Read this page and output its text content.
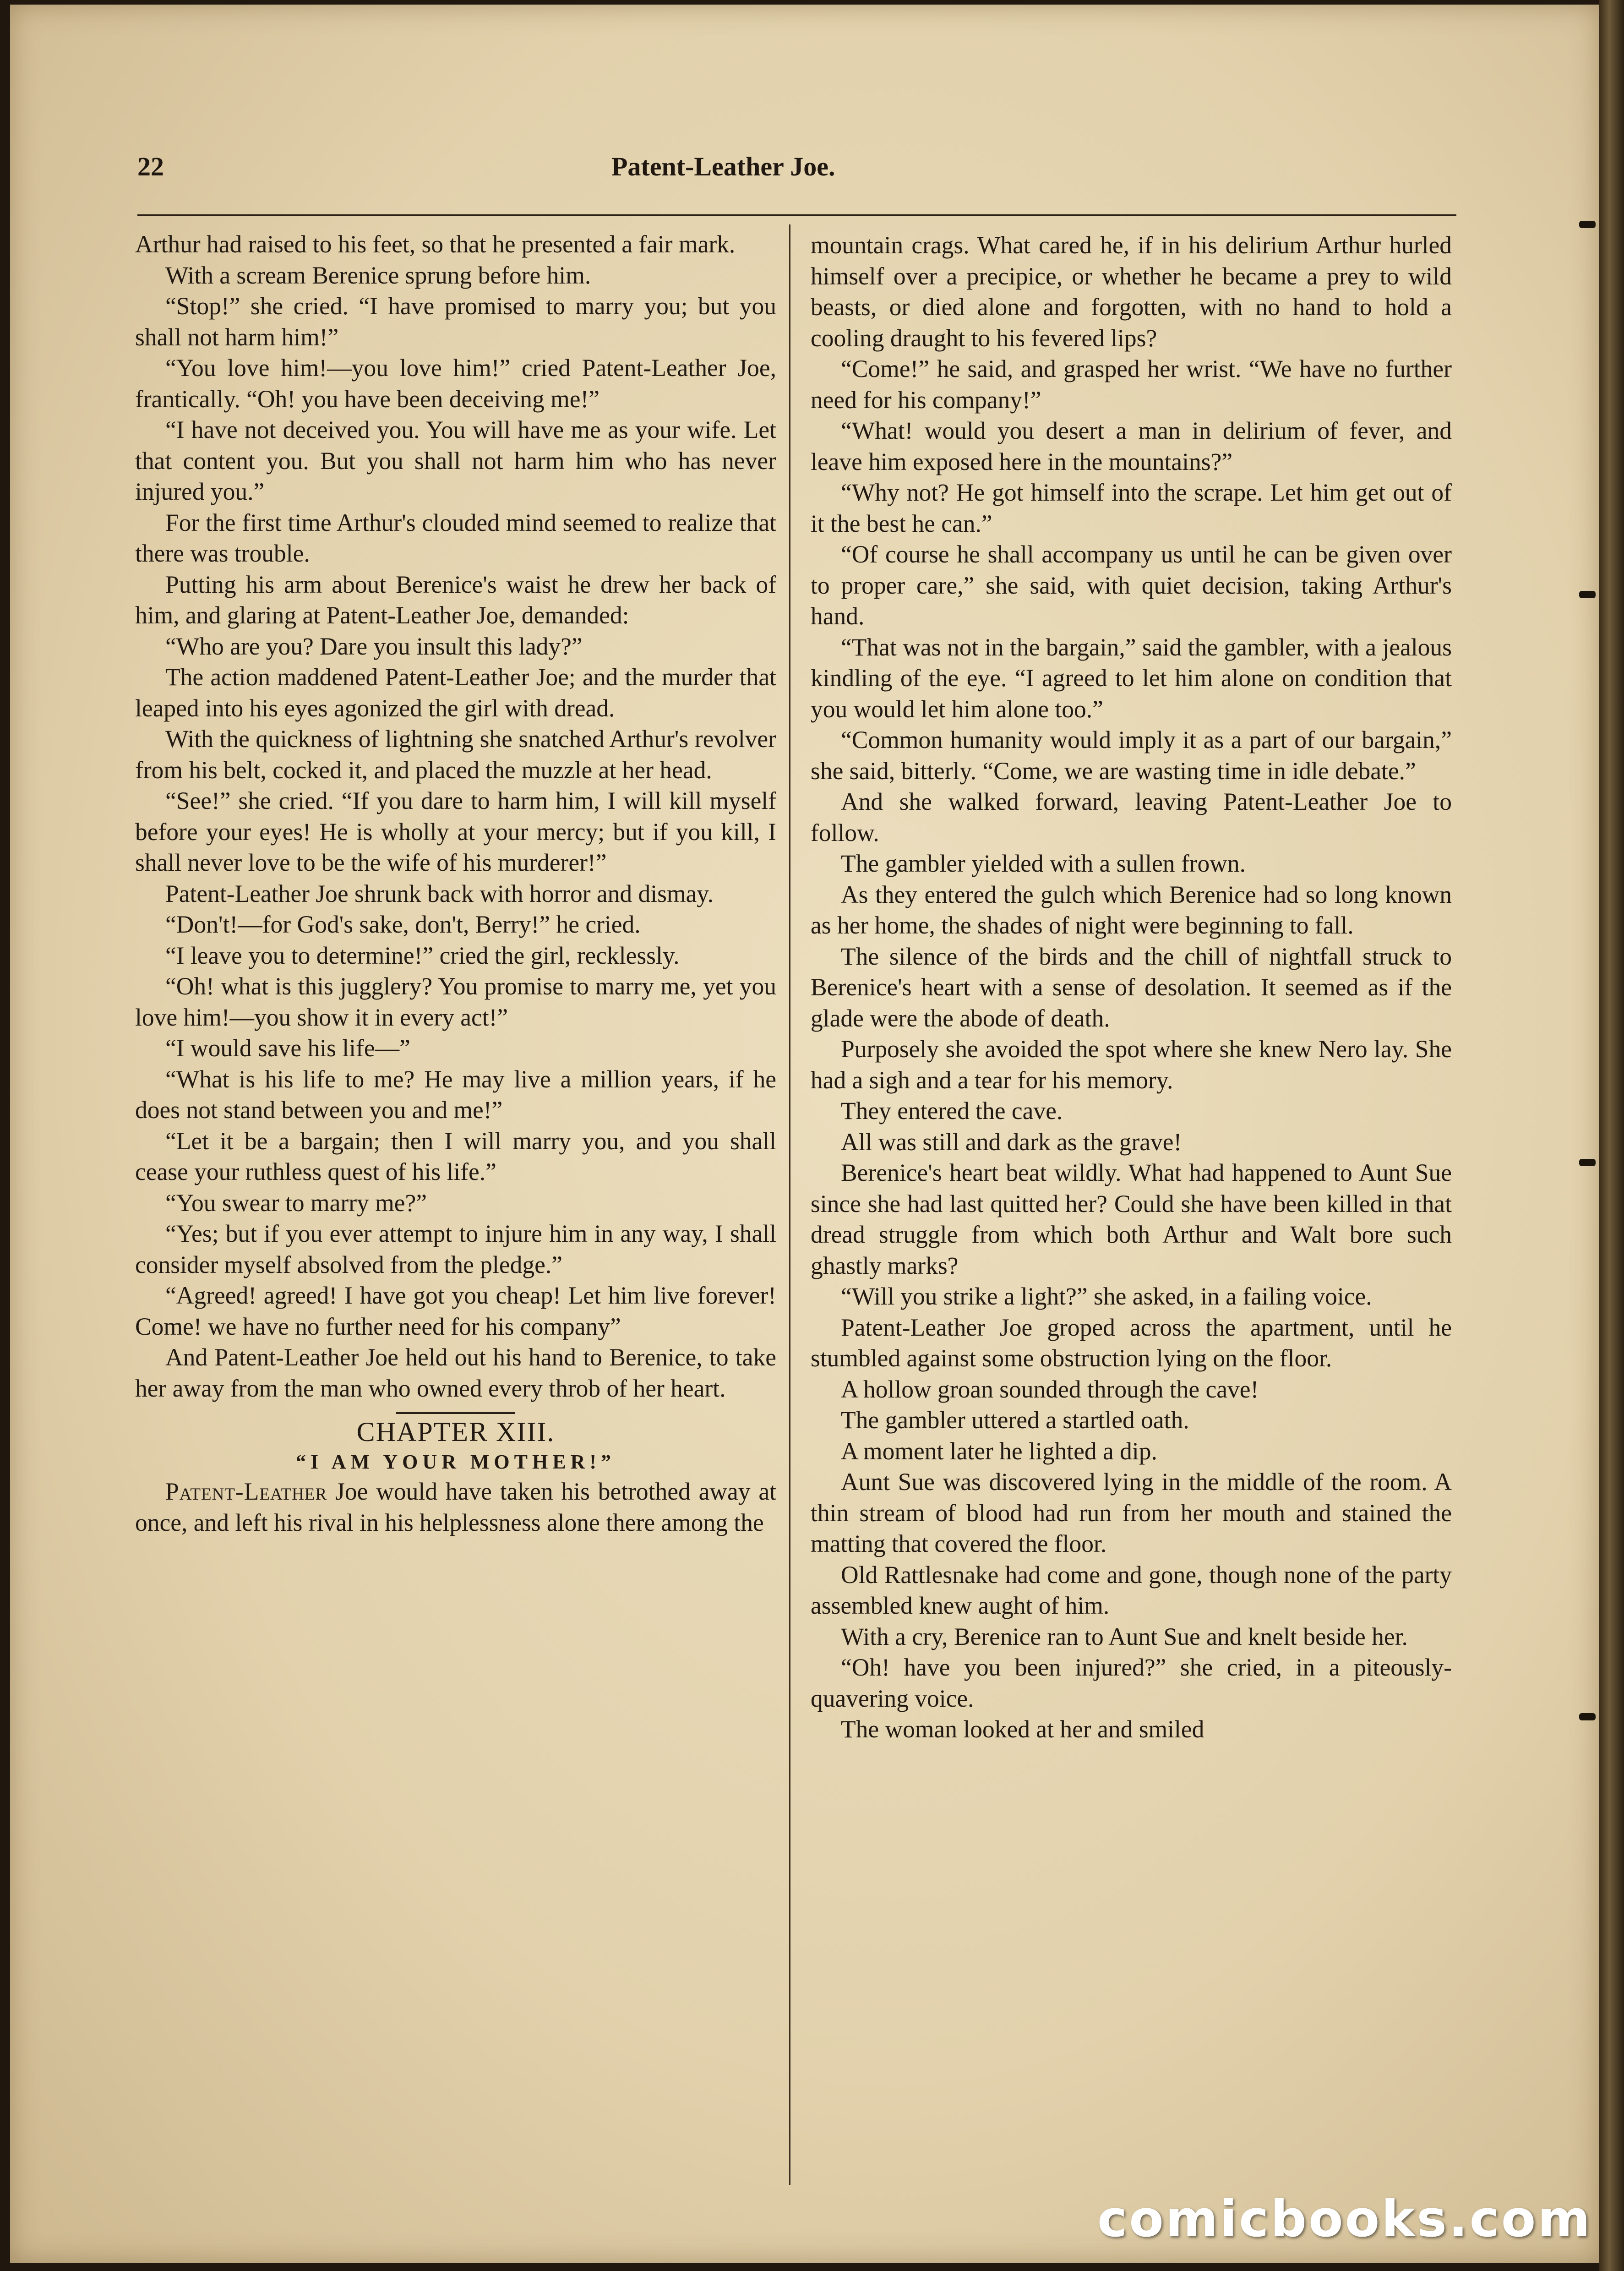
22	Patent-Leather Joe.

Arthur had raised to his feet, so that he presented a fair mark.

With a scream Berenice sprung before him.

“Stop!” she cried. “I have promised to marry you; but you shall not harm him!”

“You love him!—you love him!” cried Patent-Leather Joe, frantically. “Oh! you have been deceiving me!”

“I have not deceived you. You will have me as your wife. Let that content you. But you shall not harm him who has never injured you.”

For the first time Arthur's clouded mind seemed to realize that there was trouble.

Putting his arm about Berenice's waist he drew her back of him, and glaring at Patent-Leather Joe, demanded:

“Who are you? Dare you insult this lady?”

The action maddened Patent-Leather Joe; and the murder that leaped into his eyes agonized the girl with dread.

With the quickness of lightning she snatched Arthur's revolver from his belt, cocked it, and placed the muzzle at her head.

“See!” she cried. “If you dare to harm him, I will kill myself before your eyes! He is wholly at your mercy; but if you kill, I shall never love to be the wife of his murderer!”

Patent-Leather Joe shrunk back with horror and dismay.

“Don't!—for God's sake, don't, Berry!” he cried.

“I leave you to determine!” cried the girl, recklessly.

“Oh! what is this jugglery? You promise to marry me, yet you love him!—you show it in every act!”

“I would save his life—”

“What is his life to me? He may live a million years, if he does not stand between you and me!”

“Let it be a bargain; then I will marry you, and you shall cease your ruthless quest of his life.”

“You swear to marry me?”

“Yes; but if you ever attempt to injure him in any way, I shall consider myself absolved from the pledge.”

“Agreed! agreed! I have got you cheap! Let him live forever! Come! we have no further need for his company”

And Patent-Leather Joe held out his hand to Berenice, to take her away from the man who owned every throb of her heart.

CHAPTER XIII.
“I AM YOUR MOTHER!”

Patent-Leather Joe would have taken his betrothed away at once, and left his rival in his helplessness alone there among the

mountain crags. What cared he, if in his delirium Arthur hurled himself over a precipice, or whether he became a prey to wild beasts, or died alone and forgotten, with no hand to hold a cooling draught to his fevered lips?

“Come!” he said, and grasped her wrist. “We have no further need for his company!”

“What! would you desert a man in delirium of fever, and leave him exposed here in the mountains?”

“Why not? He got himself into the scrape. Let him get out of it the best he can.”

“Of course he shall accompany us until he can be given over to proper care,” she said, with quiet decision, taking Arthur's hand.

“That was not in the bargain,” said the gambler, with a jealous kindling of the eye. “I agreed to let him alone on condition that you would let him alone too.”

“Common humanity would imply it as a part of our bargain,” she said, bitterly. “Come, we are wasting time in idle debate.”

And she walked forward, leaving Patent-Leather Joe to follow.

The gambler yielded with a sullen frown.

As they entered the gulch which Berenice had so long known as her home, the shades of night were beginning to fall.

The silence of the birds and the chill of nightfall struck to Berenice's heart with a sense of desolation. It seemed as if the glade were the abode of death.

Purposely she avoided the spot where she knew Nero lay. She had a sigh and a tear for his memory.

They entered the cave.

All was still and dark as the grave!

Berenice's heart beat wildly. What had happened to Aunt Sue since she had last quitted her? Could she have been killed in that dread struggle from which both Arthur and Walt bore such ghastly marks?

“Will you strike a light?” she asked, in a failing voice.

Patent-Leather Joe groped across the apartment, until he stumbled against some obstruction lying on the floor.

A hollow groan sounded through the cave!

The gambler uttered a startled oath.

A moment later he lighted a dip.

Aunt Sue was discovered lying in the middle of the room. A thin stream of blood had run from her mouth and stained the matting that covered the floor.

Old Rattlesnake had come and gone, though none of the party assembled knew aught of him.

With a cry, Berenice ran to Aunt Sue and knelt beside her.

“Oh! have you been injured?” she cried, in a piteously-quavering voice.

The woman looked at her and smiled

comicbooks.com
